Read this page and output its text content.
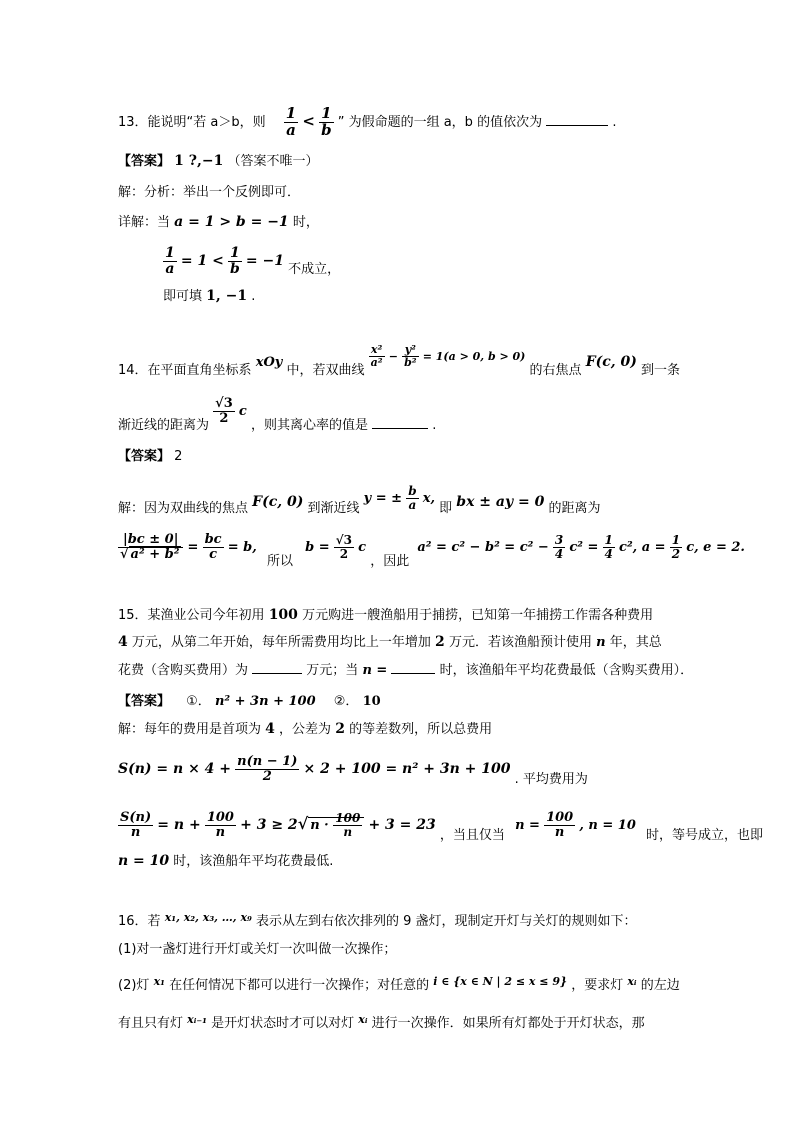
13．能说明“若 a＞b，则 $\frac{1}{a} < \frac{1}{b}$ ” 为假命题的一组 a，b 的值依次为	.
【答案】 1 ?,−1 （答案不唯一）
解：分析：举出一个反例即可．
详解：当 a = 1 > b = −1 时，
$\frac{1}{a} = 1 < \frac{1}{b} = -1$ 不成立，
即可填 1, −1 .
14．在平面直角坐标系 xOy 中，若双曲线
$\frac{\text{x²}}{\text{a²}} ^- \frac{\text{y²}}{\text{b²}} ^{= 1(a > 0, b > 0)}$ 的右焦点 F(c, 0) 到一条
渐近线的距离为 $\frac{√3}{2}$ c ，则其离心率的值是	.
【答案】 2
解：因为双曲线的焦点 F(c, 0) 到渐近线 y = ± $\frac{b}{a} x$, 即 bx ± ay = 0 的距离为
$\frac{|bc \pm 0|}{\text{√ a² + b²}} = \frac{bc}{c} = b$, 所以 $b = \frac{√3}{2}$ c ，因此 $a^2 = c^2 - b^2 = c^2 - \frac{3}{4} c^2 = \frac{1}{4} c^2$, $a = \frac{1}{2} c$, e = 2.
15．某渔业公司今年初用 100 万元购进一艘渔船用于捕捞，已知第一年捕捞工作需各种费用
4 万元，从第二年开始，每年所需费用均比上一年增加 2 万元．若该渔船预计使用 n 年，其总
花费（含购买费用）为	万元；当 n =	时，该渔船年平均花费最低（含购买费用）．
【答案】 ①． n² + 3n + 100 ②． 10
解：每年的费用是首项为 4 ，公差为 2 的等差数列，所以总费用
$S(n) = n \times 4 + \frac{n(n - 1)}{2} \times 2 + 100 = n^2 + 3n + 100$ . 平均费用为
$\frac{S(n)}{n} = n + \frac{100}{n} + 3 \ge 2√$ $n \cdot \frac{100}{n} + 3 = 23$ ，当且仅当 $n = \frac{100}{n}$ , n = 10 时，等号成立，也即
n = 10 时，该渔船年平均花费最低.
16．若 $^{x_1, x_2, x_3, \dots, x_9}$ 表示从左到右依次排列的 9 盏灯，现制定开灯与关灯的规则如下：
(1)对一盏灯进行开灯或关灯一次叫做一次操作；
(2)灯 $^{x_1}$ 在任何情况下都可以进行一次操作；对任意的 $^{i \in \{x \in N | 2 \le x \le 9\}}$ ，要求灯 $^{xᵢ}$ 的左边
有且只有灯 $^{xᵢ_{-1}}$ 是开灯状态时才可以对灯 $^{xᵢ}$ 进行一次操作．如果所有灯都处于开灯状态，那
